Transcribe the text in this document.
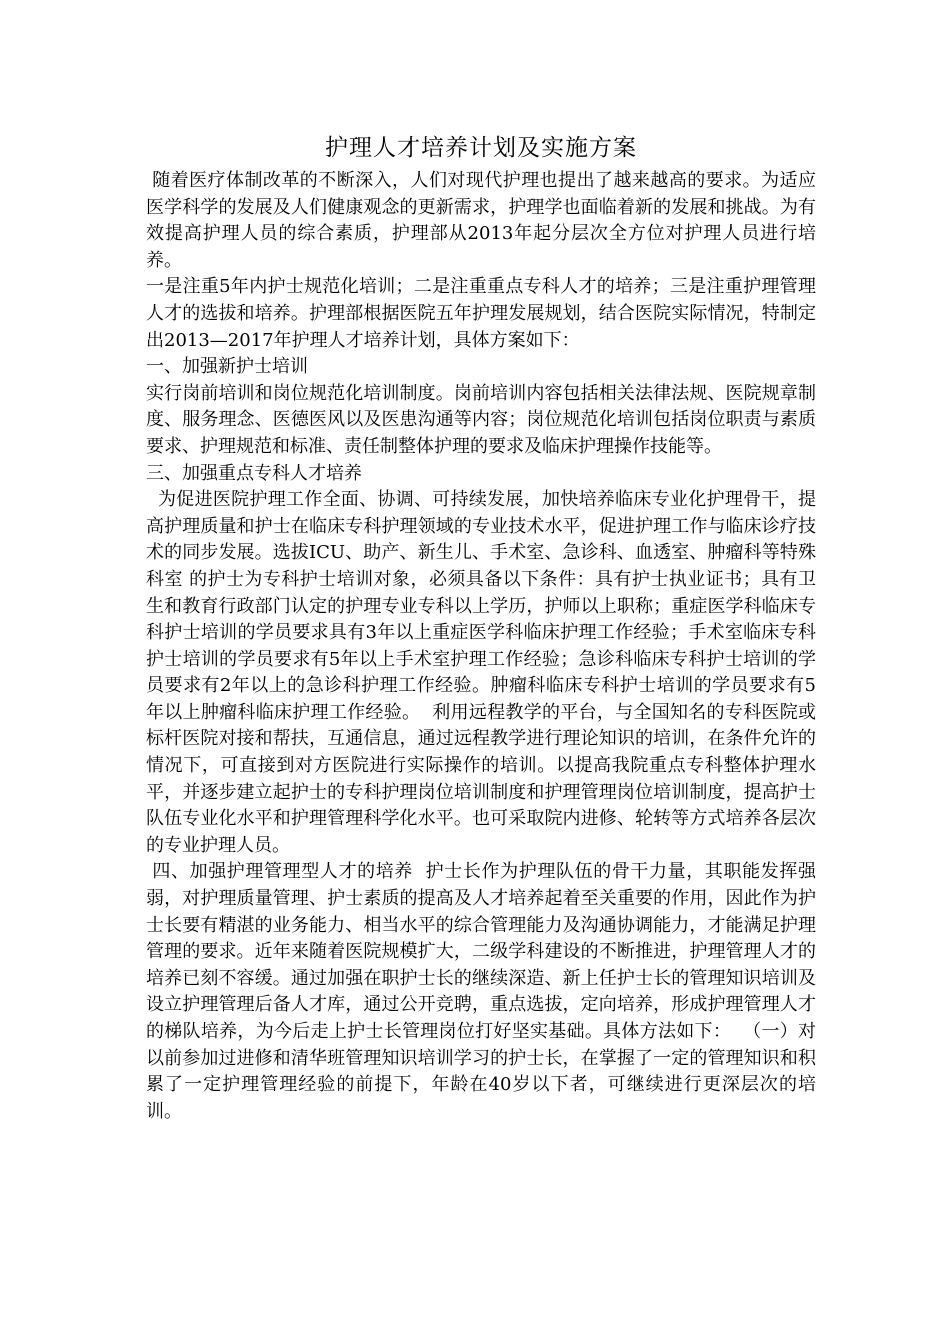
护理人才培养计划及实施方案

随着医疗体制改革的不断深入，人们对现代护理也提出了越来越高的要求。为适应医学科学的发展及人们健康观念的更新需求，护理学也面临着新的发展和挑战。为有效提高护理人员的综合素质，护理部从2013年起分层次全方位对护理人员进行培养。

一是注重5年内护士规范化培训；二是注重重点专科人才的培养；三是注重护理管理人才的选拔和培养。护理部根据医院五年护理发展规划，结合医院实际情况，特制定出2013—2017年护理人才培养计划，具体方案如下：

一、加强新护士培训

实行岗前培训和岗位规范化培训制度。岗前培训内容包括相关法律法规、医院规章制度、服务理念、医德医风以及医患沟通等内容；岗位规范化培训包括岗位职责与素质要求、护理规范和标准、责任制整体护理的要求及临床护理操作技能等。

三、加强重点专科人才培养

为促进医院护理工作全面、协调、可持续发展，加快培养临床专业化护理骨干，提高护理质量和护士在临床专科护理领域的专业技术水平，促进护理工作与临床诊疗技术的同步发展。选拔ICU、助产、新生儿、手术室、急诊科、血透室、肿瘤科等特殊科室 的护士为专科护士培训对象，必须具备以下条件：具有护士执业证书；具有卫生和教育行政部门认定的护理专业专科以上学历，护师以上职称；重症医学科临床专科护士培训的学员要求具有3年以上重症医学科临床护理工作经验；手术室临床专科护士培训的学员要求有5年以上手术室护理工作经验；急诊科临床专科护士培训的学员要求有2年以上的急诊科护理工作经验。肿瘤科临床专科护士培训的学员要求有5年以上肿瘤科临床护理工作经验。  利用远程教学的平台，与全国知名的专科医院或标杆医院对接和帮扶，互通信息，通过远程教学进行理论知识的培训，在条件允许的情况下，可直接到对方医院进行实际操作的培训。以提高我院重点专科整体护理水平，并逐步建立起护士的专科护理岗位培训制度和护理管理岗位培训制度，提高护士队伍专业化水平和护理管理科学化水平。也可采取院内进修、轮转等方式培养各层次的专业护理人员。

四、加强护理管理型人才的培养  护士长作为护理队伍的骨干力量，其职能发挥强弱，对护理质量管理、护士素质的提高及人才培养起着至关重要的作用，因此作为护士长要有精湛的业务能力、相当水平的综合管理能力及沟通协调能力，才能满足护理管理的要求。近年来随着医院规模扩大，二级学科建设的不断推进，护理管理人才的培养已刻不容缓。通过加强在职护士长的继续深造、新上任护士长的管理知识培训及设立护理管理后备人才库，通过公开竞聘，重点选拔，定向培养，形成护理管理人才的梯队培养，为今后走上护士长管理岗位打好坚实基础。具体方法如下：  （一）对以前参加过进修和清华班管理知识培训学习的护士长，在掌握了一定的管理知识和积累了一定护理管理经验的前提下，年龄在40岁以下者，可继续进行更深层次的培训。
